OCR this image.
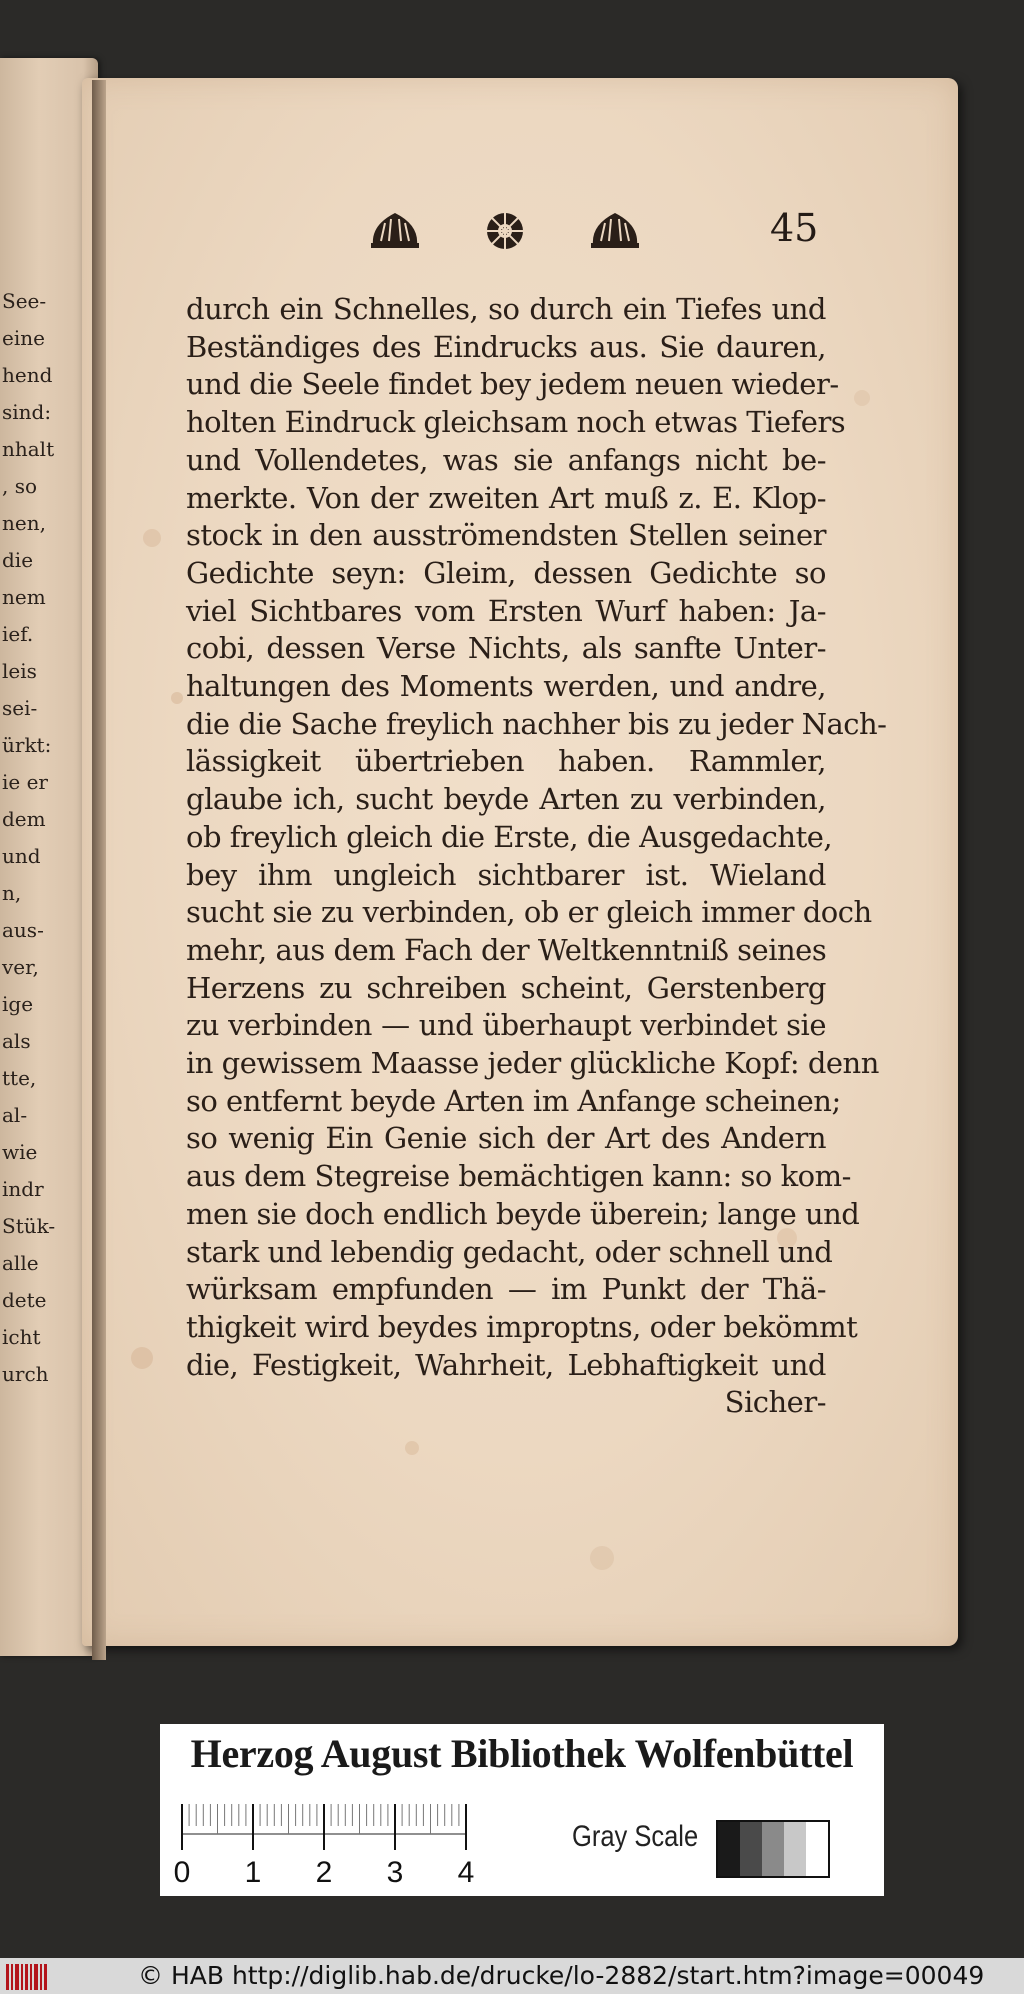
See-
eine
hend
sind:
nhalt
, so
nen,
die
nem
ief.
leis
sei-
ürkt:
ie er
dem
und
n,
aus-
ver,
ige
als
tte,
al-
wie
indr
Stük-
alle
dete
icht
urch
45
durch ein Schnelles, so durch ein Tiefes und
Beständiges des Eindrucks aus. Sie dauren,
und die Seele findet bey jedem neuen wieder-
holten Eindruck gleichsam noch etwas Tiefers
und Vollendetes, was sie anfangs nicht be-
merkte. Von der zweiten Art muß z. E. Klop-
stock in den ausströmendsten Stellen seiner
Gedichte seyn: Gleim, dessen Gedichte so
viel Sichtbares vom Ersten Wurf haben: Ja-
cobi, dessen Verse Nichts, als sanfte Unter-
haltungen des Moments werden, und andre,
die die Sache freylich nachher bis zu jeder Nach-
lässigkeit übertrieben haben. Rammler,
glaube ich, sucht beyde Arten zu verbinden,
ob freylich gleich die Erste, die Ausgedachte,
bey ihm ungleich sichtbarer ist. Wieland
sucht sie zu verbinden, ob er gleich immer doch
mehr, aus dem Fach der Weltkenntniß seines
Herzens zu schreiben scheint, Gerstenberg
zu verbinden — und überhaupt verbindet sie
in gewissem Maasse jeder glückliche Kopf: denn
so entfernt beyde Arten im Anfange scheinen;
so wenig Ein Genie sich der Art des Andern
aus dem Stegreise bemächtigen kann: so kom-
men sie doch endlich beyde überein; lange und
stark und lebendig gedacht, oder schnell und
würksam empfunden — im Punkt der Thä-
thigkeit wird beydes improptns, oder bekömmt
die, Festigkeit, Wahrheit, Lebhaftigkeit und
Sicher-
Herzog August Bibliothek Wolfenbüttel
0 1 2 3 4
Gray Scale
© HAB http://diglib.hab.de/drucke/lo-2882/start.htm?image=00049
